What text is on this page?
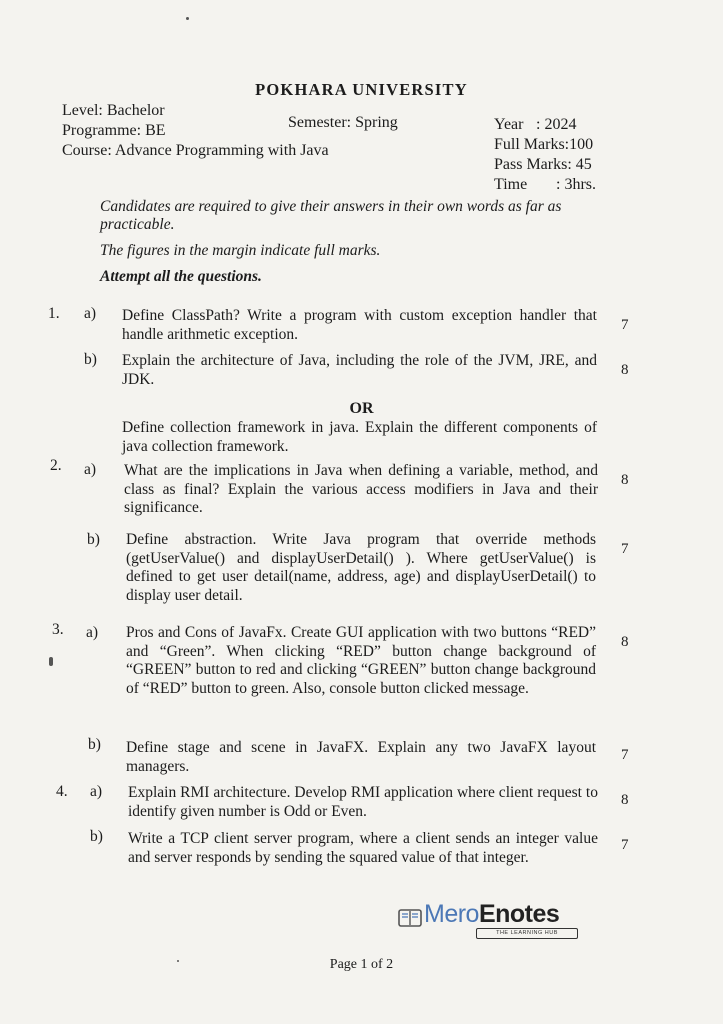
POKHARA UNIVERSITY
Level: Bachelor
Programme: BE
Course: Advance Programming with Java
Semester: Spring	Year : 2024
Full Marks:100
Pass Marks: 45
Time	: 3hrs.

Candidates are required to give their answers in their own words as far as practicable.

The figures in the margin indicate full marks.

Attempt all the questions.

1. a) Define ClassPath? Write a program with custom exception handler that handle arithmetic exception.
7
b) Explain the architecture of Java, including the role of the JVM, JRE, and JDK.
8
OR
Define collection framework in java. Explain the different components of java collection framework.
2. a) What are the implications in Java when defining a variable, method, and class as final? Explain the various access modifiers in Java and their significance.
8
b) Define abstraction. Write Java program that override methods (getUserValue() and displayUserDetail() ). Where getUserValue() is defined to get user detail(name, address, age) and displayUserDetail() to display user detail.
7
3. a) Pros and Cons of JavaFx. Create GUI application with two buttons “RED” and “Green”. When clicking “RED” button change background of “GREEN” button to red and clicking “GREEN” button change background of “RED” button to green. Also, console button clicked message.
8
b) Define stage and scene in JavaFX. Explain any two JavaFX layout managers.
7
4. a) Explain RMI architecture. Develop RMI application where client request to identify given number is Odd or Even.
8
b) Write a TCP client server program, where a client sends an integer value and server responds by sending the squared value of that integer.
7
MeroEnotes
THE LEARNING HUB
Page 1 of 2
